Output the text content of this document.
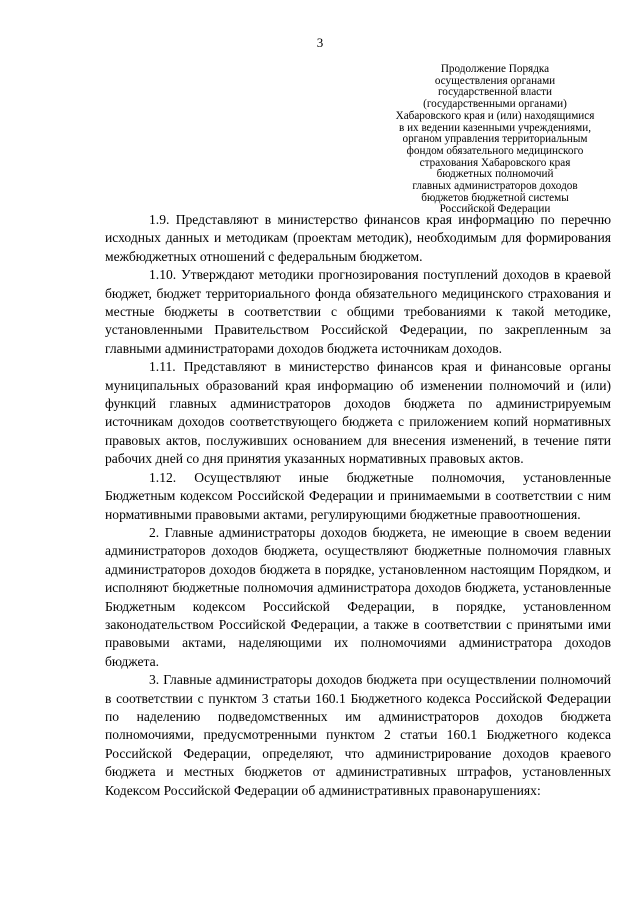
3
Продолжение Порядка
осуществления органами
государственной власти
(государственными органами)
Хабаровского края и (или) находящимися
в их ведении казенными учреждениями,
органом управления территориальным
фондом обязательного медицинского
страхования Хабаровского края
бюджетных полномочий
главных администраторов доходов
бюджетов бюджетной системы
Российской Федерации

1.9. Представляют в министерство финансов края информацию по перечню исходных данных и методикам (проектам методик), необходимым для формирования межбюджетных отношений с федеральным бюджетом.

1.10. Утверждают методики прогнозирования поступлений доходов в краевой бюджет, бюджет территориального фонда обязательного медицинского страхования и местные бюджеты в соответствии с общими требованиями к такой методике, установленными Правительством Российской Федерации, по закрепленным за главными администраторами доходов бюджета источникам доходов.

1.11. Представляют в министерство финансов края и финансовые органы муниципальных образований края информацию об изменении полномочий и (или) функций главных администраторов доходов бюджета по администрируемым источникам доходов соответствующего бюджета с приложением копий нормативных правовых актов, послуживших основанием для внесения изменений, в течение пяти рабочих дней со дня принятия указанных нормативных правовых актов.

1.12. Осуществляют иные бюджетные полномочия, установленные Бюджетным кодексом Российской Федерации и принимаемыми в соответствии с ним нормативными правовыми актами, регулирующими бюджетные правоотношения.

2. Главные администраторы доходов бюджета, не имеющие в своем ведении администраторов доходов бюджета, осуществляют бюджетные полномочия главных администраторов доходов бюджета в порядке, установленном настоящим Порядком, и исполняют бюджетные полномочия администратора доходов бюджета, установленные Бюджетным кодексом Российской Федерации, в порядке, установленном законодательством Российской Федерации, а также в соответствии с принятыми ими правовыми актами, наделяющими их полномочиями администратора доходов бюджета.

3. Главные администраторы доходов бюджета при осуществлении полномочий в соответствии с пунктом 3 статьи 160.1 Бюджетного кодекса Российской Федерации по наделению подведомственных им администраторов доходов бюджета полномочиями, предусмотренными пунктом 2 статьи 160.1 Бюджетного кодекса Российской Федерации, определяют, что администрирование доходов краевого бюджета и местных бюджетов от административных штрафов, установленных Кодексом Российской Федерации об административных правонарушениях:
